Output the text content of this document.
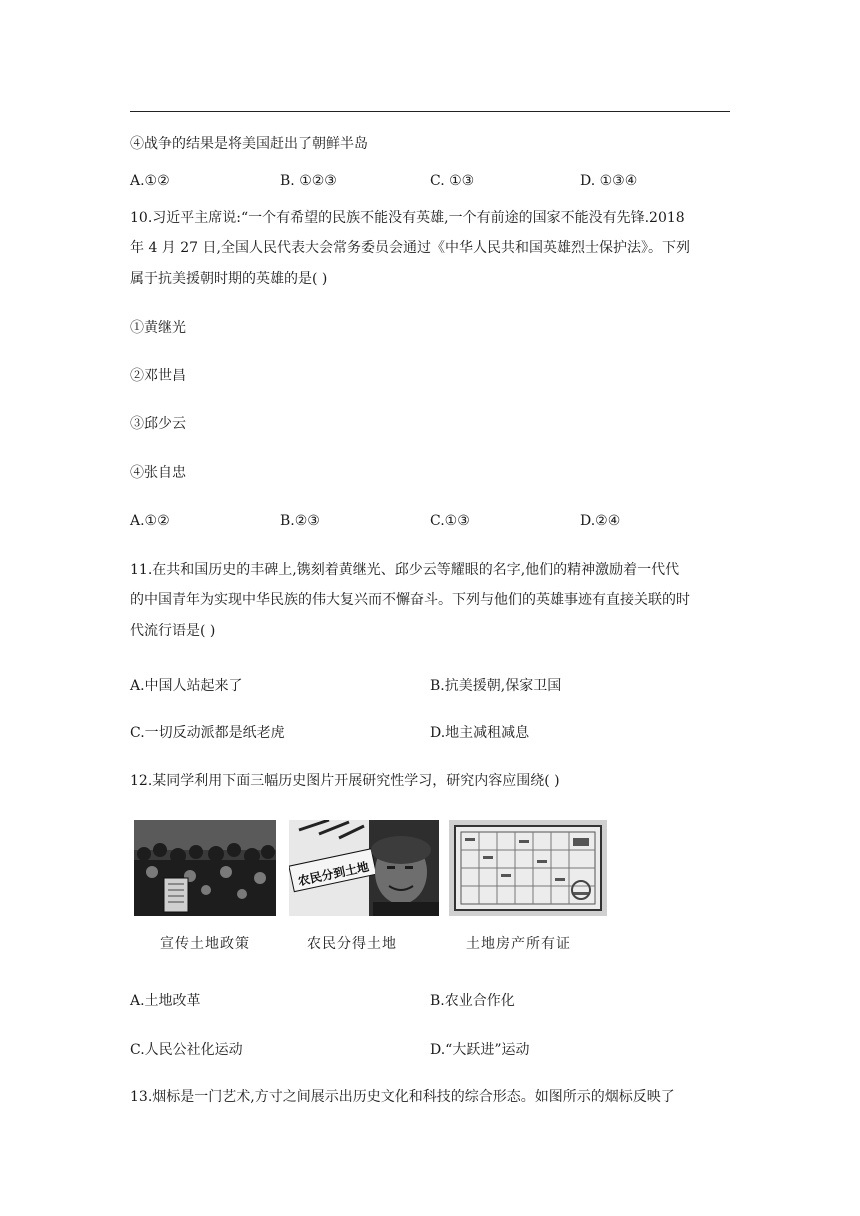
④战争的结果是将美国赶出了朝鲜半岛
A.①②	B. ①②③	C. ①③	D. ①③④
10.习近平主席说:“一个有希望的民族不能没有英雄,一个有前途的国家不能没有先锋.2018
年 4 月 27 日,全国人民代表大会常务委员会通过《中华人民共和国英雄烈士保护法》。下列
属于抗美援朝时期的英雄的是( )
①黄继光
②邓世昌
③邱少云
④张自忠
A.①②	B.②③	C.①③	D.②④
11.在共和国历史的丰碑上,镌刻着黄继光、邱少云等耀眼的名字,他们的精神激励着一代代
的中国青年为实现中华民族的伟大复兴而不懈奋斗。下列与他们的英雄事迹有直接关联的时
代流行语是( )
A.中国人站起来了	B.抗美援朝,保家卫国
C.一切反动派都是纸老虎	D.地主减租减息
12.某同学利用下面三幅历史图片开展研究性学习，研究内容应围绕( )
农民分到土地
宣传土地政策	农民分得土地	土地房产所有证
A.土地改革	B.农业合作化
C.人民公社化运动	D.“大跃进”运动
13.烟标是一门艺术,方寸之间展示出历史文化和科技的综合形态。如图所示的烟标反映了
